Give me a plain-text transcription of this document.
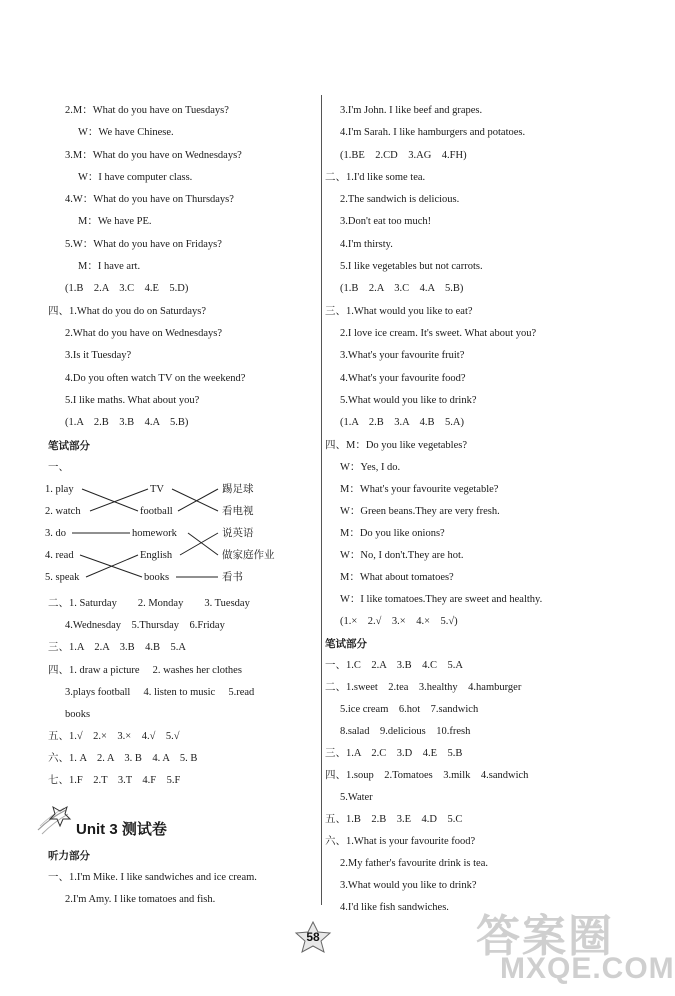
2.M：What do you have on Tuesdays?
W：We have Chinese.
3.M：What do you have on Wednesdays?
W：I have computer class.
4.W：What do you have on Thursdays?
M：We have PE.
5.W：What do you have on Fridays?
M：I have art.
(1.B　2.A　3.C　4.E　5.D)
四、1.What do you do on Saturdays?
2.What do you have on Wednesdays?
3.Is it Tuesday?
4.Do you often watch TV on the weekend?
5.I like maths. What about you?
(1.A　2.B　3.B　4.A　5.B)
笔试部分
一、
二、1. Saturday　　2. Monday　　3. Tuesday
4.Wednesday　5.Thursday　6.Friday
三、1.A　2.A　3.B　4.B　5.A
四、1. draw a picture　 2. washes her clothes
3.plays football　 4. listen to music　 5.read
books
五、1.√　2.×　3.×　4.√　5.√
六、1. A　2. A　3. B　4. A　5. B
七、1.F　2.T　3.T　4.F　5.F
听力部分
一、1.I'm Mike. I like sandwiches and ice cream.
2.I'm Amy. I like tomatoes and fish.
3.I'm John. I like beef and grapes.
4.I'm Sarah. I like hamburgers and potatoes.
(1.BE　2.CD　3.AG　4.FH)
二、1.I'd like some tea.
2.The sandwich is delicious.
3.Don't eat too much!
4.I'm thirsty.
5.I like vegetables but not carrots.
(1.B　2.A　3.C　4.A　5.B)
三、1.What would you like to eat?
2.I love ice cream. It's sweet. What about you?
3.What's your favourite fruit?
4.What's your favourite food?
5.What would you like to drink?
(1.A　2.B　3.A　4.B　5.A)
四、M：Do you like vegetables?
W：Yes, I do.
M：What's your favourite vegetable?
W：Green beans.They are very fresh.
M：Do you like onions?
W：No, I don't.They are hot.
M：What about tomatoes?
W：I like tomatoes.They are sweet and healthy.
(1.×　2.√　3.×　4.×　5.√)
笔试部分
一、1.C　2.A　3.B　4.C　5.A
二、1.sweet　2.tea　3.healthy　4.hamburger
5.ice cream　6.hot　7.sandwich
8.salad　9.delicious　10.fresh
三、1.A　2.C　3.D　4.E　5.B
四、1.soup　2.Tomatoes　3.milk　4.sandwich
5.Water
五、1.B　2.B　3.E　4.D　5.C
六、1.What is your favourite food?
2.My father's favourite drink is tea.
3.What would you like to drink?
4.I'd like fish sandwiches.
1. play
2. watch
3. do
4. read
5. speak
TV
football
homework
English
books
踢足球
看电视
说英语
做家庭作业
看书
Unit 3 测试卷
58	答案圈
MXQE.COM
